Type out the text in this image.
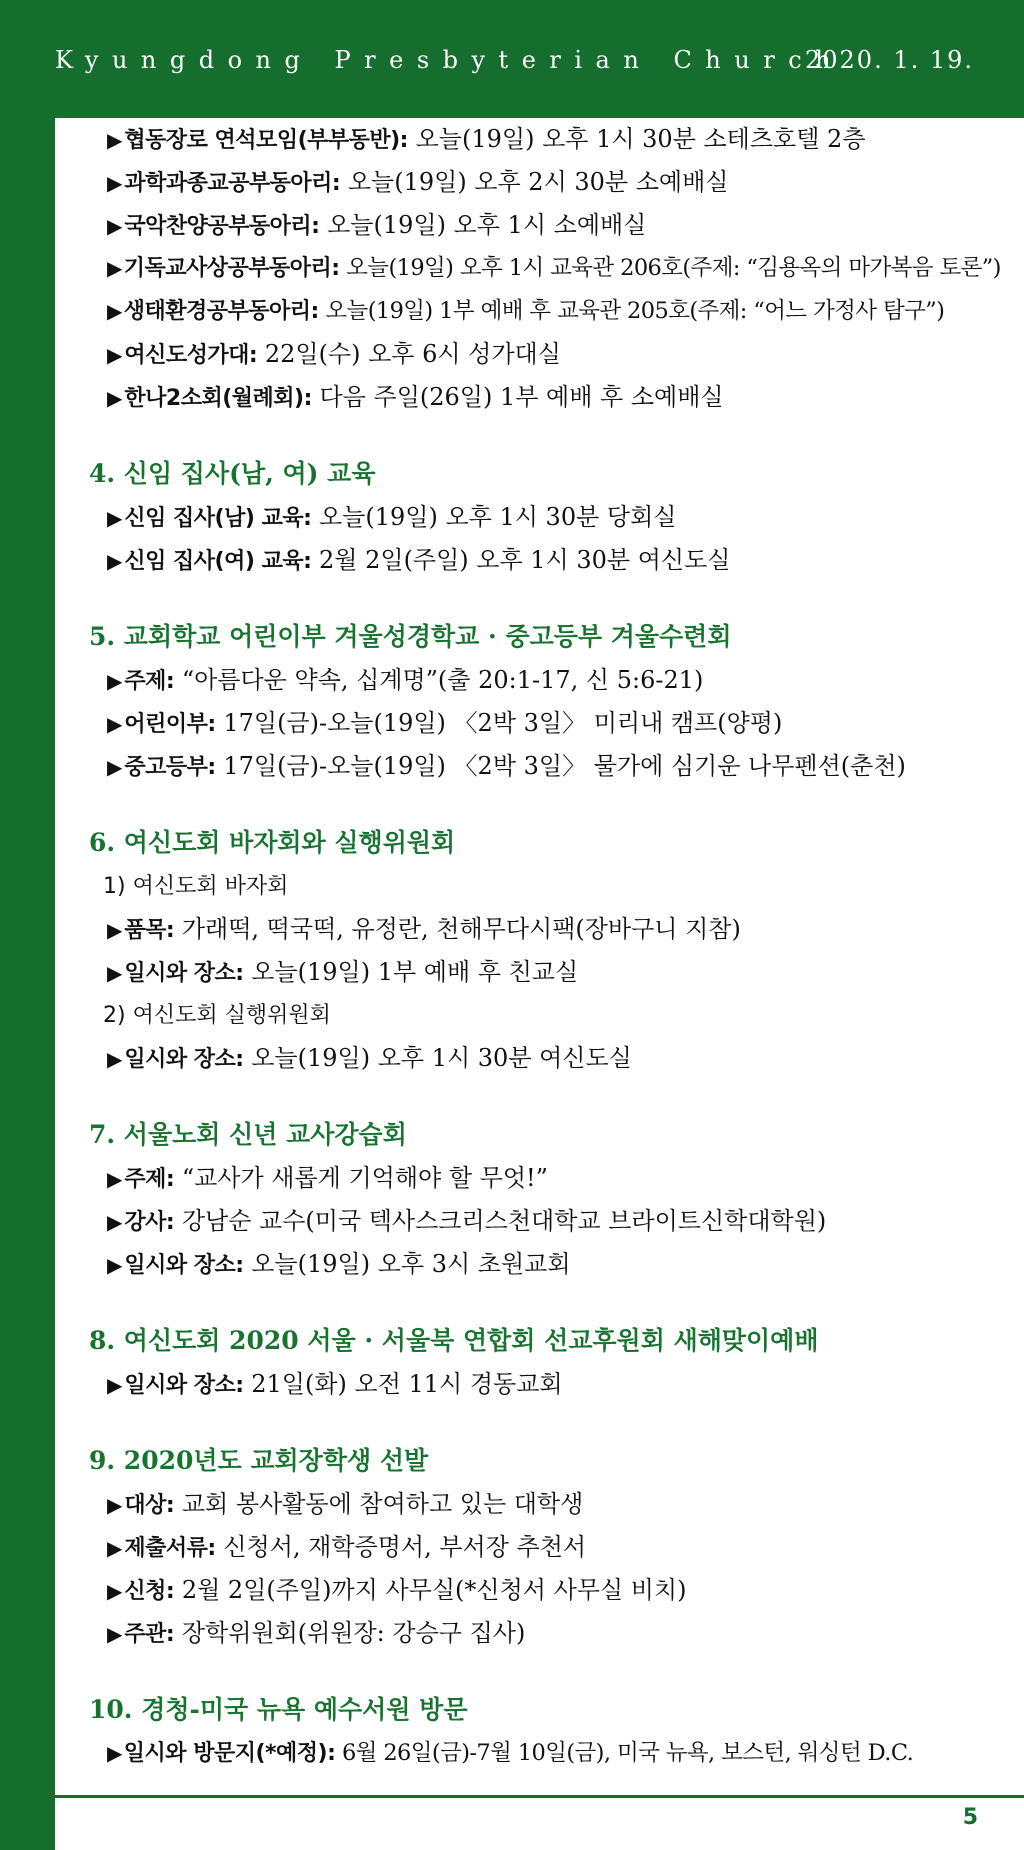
Kyungdong Presbyterian Church
2020. 1. 19.
▶협동장로 연석모임(부부동반): 오늘(19일) 오후 1시 30분 소테츠호텔 2층
▶과학과종교공부동아리: 오늘(19일) 오후 2시 30분 소예배실
▶국악찬양공부동아리: 오늘(19일) 오후 1시 소예배실
▶기독교사상공부동아리: 오늘(19일) 오후 1시 교육관 206호(주제: “김용옥의 마가복음 토론”)
▶생태환경공부동아리: 오늘(19일) 1부 예배 후 교육관 205호(주제: “어느 가정사 탐구”)
▶여신도성가대: 22일(수) 오후 6시 성가대실
▶한나2소회(월례회): 다음 주일(26일) 1부 예배 후 소예배실
4. 신임 집사(남, 여) 교육
▶신임 집사(남) 교육: 오늘(19일) 오후 1시 30분 당회실
▶신임 집사(여) 교육: 2월 2일(주일) 오후 1시 30분 여신도실
5. 교회학교 어린이부 겨울성경학교 · 중고등부 겨울수련회
▶주제: “아름다운 약속, 십계명”(출 20:1-17, 신 5:6-21)
▶어린이부: 17일(금)-오늘(19일) 〈2박 3일〉 미리내 캠프(양평)
▶중고등부: 17일(금)-오늘(19일) 〈2박 3일〉 물가에 심기운 나무펜션(춘천)
6. 여신도회 바자회와 실행위원회
1) 여신도회 바자회
▶품목: 가래떡, 떡국떡, 유정란, 천해무다시팩(장바구니 지참)
▶일시와 장소: 오늘(19일) 1부 예배 후 친교실
2) 여신도회 실행위원회
▶일시와 장소: 오늘(19일) 오후 1시 30분 여신도실
7. 서울노회 신년 교사강습회
▶주제: “교사가 새롭게 기억해야 할 무엇!”
▶강사: 강남순 교수(미국 텍사스크리스천대학교 브라이트신학대학원)
▶일시와 장소: 오늘(19일) 오후 3시 초원교회
8. 여신도회 2020 서울 · 서울북 연합회 선교후원회 새해맞이예배
▶일시와 장소: 21일(화) 오전 11시 경동교회
9. 2020년도 교회장학생 선발
▶대상: 교회 봉사활동에 참여하고 있는 대학생
▶제출서류: 신청서, 재학증명서, 부서장 추천서
▶신청: 2월 2일(주일)까지 사무실(*신청서 사무실 비치)
▶주관: 장학위원회(위원장: 강승구 집사)
10. 경청-미국 뉴욕 예수서원 방문
▶일시와 방문지(*예정): 6월 26일(금)-7월 10일(금), 미국 뉴욕, 보스턴, 워싱턴 D.C.
5
